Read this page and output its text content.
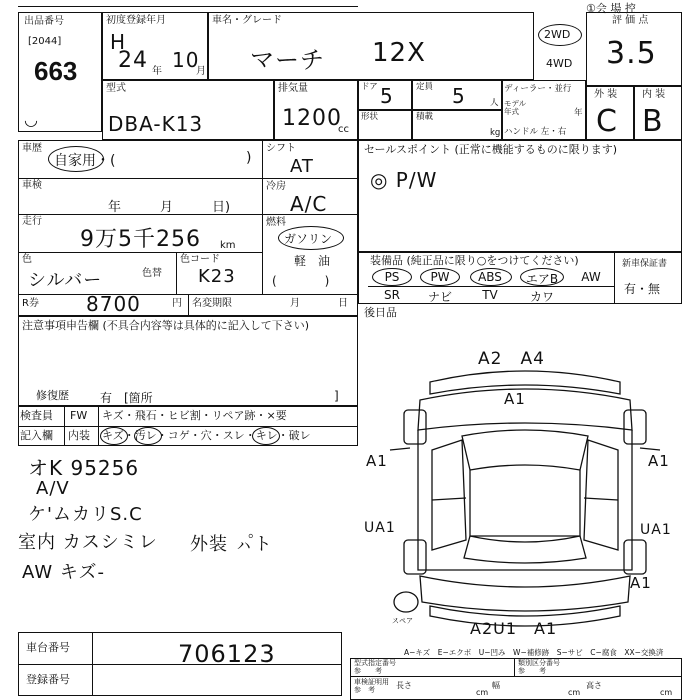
出品番号
[2044]
663
◡
初度登録年月
H
24 年 10
月
車名・グレード
マーチ 12X
2WD
4WD
①会 場 控
評 価 点
3.5
型式
DBA-K13
排気量
1200
cc
ドア 5	定員 5	人
形状	積載
kg
ディーラー・並行
モデル
年式	年
ハンドル 左・右
外 装 内 装
C B
車歴
自家用・(	)
車検
年　　　月　　　日)
シフト
AT
冷房
A/C
走行
9万5千256 km
燃料
ガソリン
軽　油
(　　　　)
色
シルバー	色替
色コード
K23
R券 8700	円 名変期限	月	日
セールスポイント (正常に機能するものに限ります)
◎ P/W
装備品 (純正品に限り○をつけてください)	新車保証書
PS	PW	ABS	エアB	AW
SR	ナビ	TV	カワ
有・無
後日品
注意事項申告欄 (不具合内容等は具体的に記入して下さい)
修復歴	有　[箇所	]
検査員
記入欄
FW キズ・飛石・ヒビ割・リペア跡・×要
内装 キズ・汚レ・コゲ・穴・スレ・キレ・破レ
オK 95256
A/V
ケ'ムカリS.C
室内 カスシミレ 外装 ㇵ゚ト
AW キズ-
A2　A4
A1
A1	A1
UA1	UA1
A1
A2U1　A1
スペア
A−キズ　E−エクボ　U−凹み　W−補修跡　S−サビ　C−腐食　XX−交換済
車台番号	706123
登録番号
型式指定番号
参　　考
類別区分番号
参　　考
車検証明用
参　考	長さ
cm
幅
cm
高さ
cm
